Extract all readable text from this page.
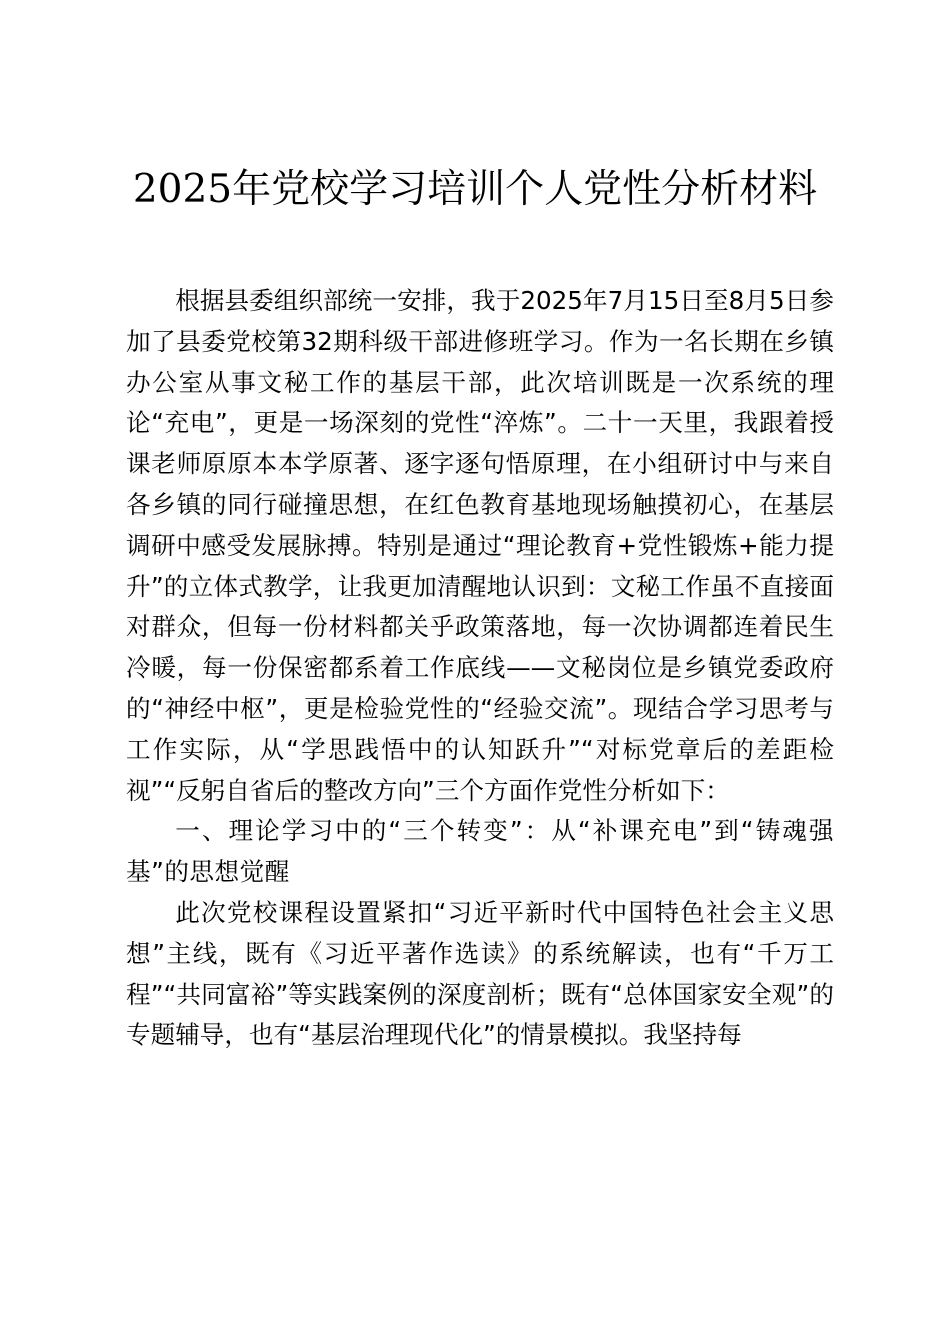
2025年党校学习培训个人党性分析材料

根据县委组织部统一安排，我于2025年7月15日至8月5日参加了县委党校第32期科级干部进修班学习。作为一名长期在乡镇办公室从事文秘工作的基层干部，此次培训既是一次系统的理论“充电”，更是一场深刻的党性“淬炼”。二十一天里，我跟着授课老师原原本本学原著、逐字逐句悟原理，在小组研讨中与来自各乡镇的同行碰撞思想，在红色教育基地现场触摸初心，在基层调研中感受发展脉搏。特别是通过“理论教育+党性锻炼+能力提升”的立体式教学，让我更加清醒地认识到：文秘工作虽不直接面对群众，但每一份材料都关乎政策落地，每一次协调都连着民生冷暖，每一份保密都系着工作底线——文秘岗位是乡镇党委政府的“神经中枢”，更是检验党性的“经验交流”。现结合学习思考与工作实际，从“学思践悟中的认知跃升”“对标党章后的差距检视”“反躬自省后的整改方向”三个方面作党性分析如下：

一、理论学习中的“三个转变”：从“补课充电”到“铸魂强基”的思想觉醒

此次党校课程设置紧扣“习近平新时代中国特色社会主义思想”主线，既有《习近平著作选读》的系统解读，也有“千万工程”“共同富裕”等实践案例的深度剖析；既有“总体国家安全观”的专题辅导，也有“基层治理现代化”的情景模拟。我坚持每
